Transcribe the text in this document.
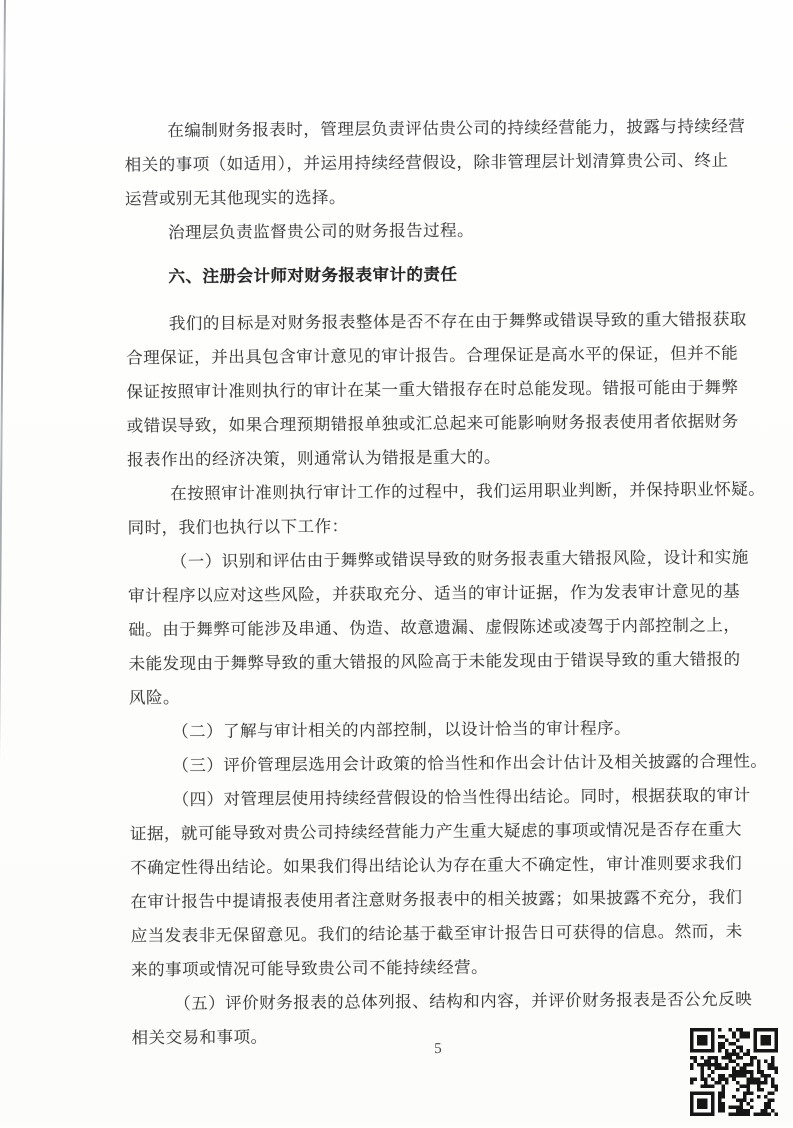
在编制财务报表时，管理层负责评估贵公司的持续经营能力，披露与持续经营
相关的事项（如适用），并运用持续经营假设，除非管理层计划清算贵公司、终止
运营或别无其他现实的选择。
治理层负责监督贵公司的财务报告过程。
六、注册会计师对财务报表审计的责任
我们的目标是对财务报表整体是否不存在由于舞弊或错误导致的重大错报获取
合理保证，并出具包含审计意见的审计报告。合理保证是高水平的保证，但并不能
保证按照审计准则执行的审计在某一重大错报存在时总能发现。错报可能由于舞弊
或错误导致，如果合理预期错报单独或汇总起来可能影响财务报表使用者依据财务
报表作出的经济决策，则通常认为错报是重大的。
在按照审计准则执行审计工作的过程中，我们运用职业判断，并保持职业怀疑。
同时，我们也执行以下工作：
（一）识别和评估由于舞弊或错误导致的财务报表重大错报风险，设计和实施
审计程序以应对这些风险，并获取充分、适当的审计证据，作为发表审计意见的基
础。由于舞弊可能涉及串通、伪造、故意遗漏、虚假陈述或凌驾于内部控制之上，
未能发现由于舞弊导致的重大错报的风险高于未能发现由于错误导致的重大错报的
风险。
（二）了解与审计相关的内部控制，以设计恰当的审计程序。
（三）评价管理层选用会计政策的恰当性和作出会计估计及相关披露的合理性。
（四）对管理层使用持续经营假设的恰当性得出结论。同时，根据获取的审计
证据，就可能导致对贵公司持续经营能力产生重大疑虑的事项或情况是否存在重大
不确定性得出结论。如果我们得出结论认为存在重大不确定性，审计准则要求我们
在审计报告中提请报表使用者注意财务报表中的相关披露；如果披露不充分，我们
应当发表非无保留意见。我们的结论基于截至审计报告日可获得的信息。然而，未
来的事项或情况可能导致贵公司不能持续经营。
（五）评价财务报表的总体列报、结构和内容，并评价财务报表是否公允反映
相关交易和事项。
5
